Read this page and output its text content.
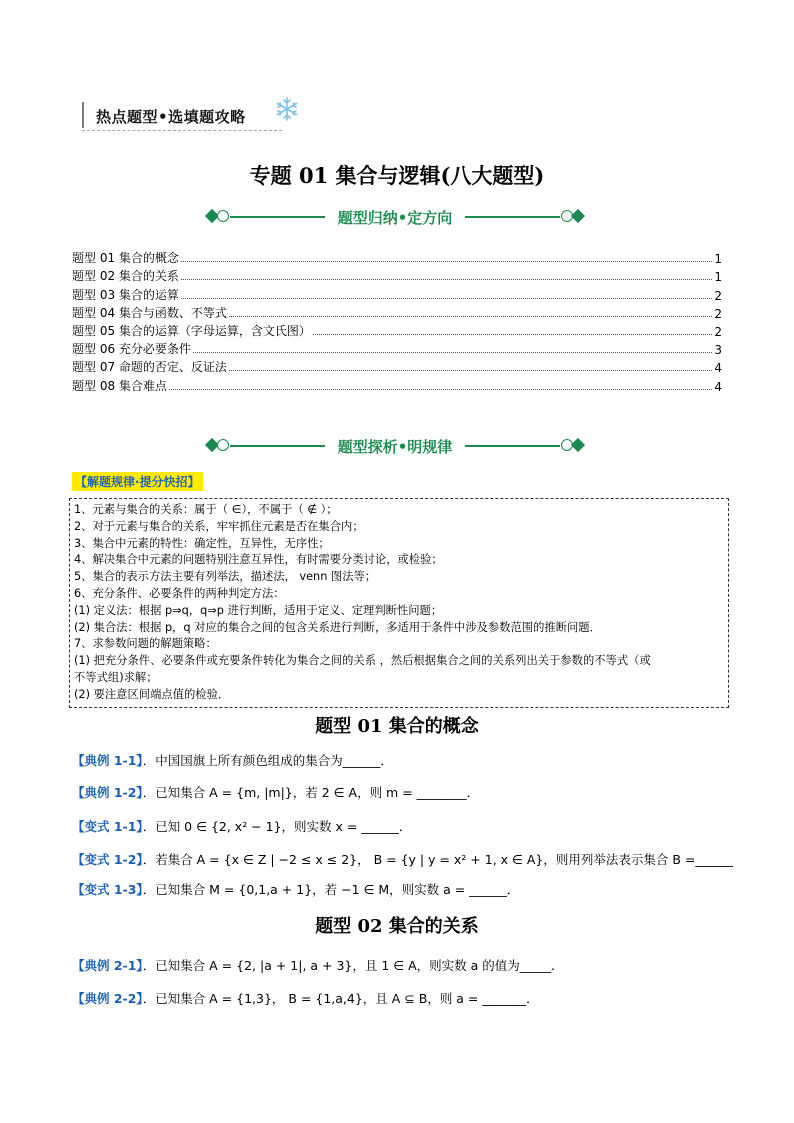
热点题型•选填题攻略
专题 01 集合与逻辑(八大题型)
题型归纳•定方向
题型 01 集合的概念	1
题型 02 集合的关系	1
题型 03 集合的运算	2
题型 04 集合与函数、不等式	2
题型 05 集合的运算（字母运算，含文氏图）	2
题型 06 充分必要条件	3
题型 07 命题的否定、反证法	4
题型 08 集合难点	4
题型探析•明规律
【解题规律·提分快招】
1、元素与集合的关系：属于（ ∈），不属于（ ∉ ）；
2、对于元素与集合的关系，牢牢抓住元素是否在集合内；
3、集合中元素的特性：确定性，互异性，无序性；
4、解决集合中元素的问题特别注意互异性，有时需要分类讨论，或检验；
5、集合的表示方法主要有列举法，描述法， venn 图法等；
6、充分条件、必要条件的两种判定方法：
(1) 定义法：根据 p⇒q，q⇒p 进行判断，适用于定义、定理判断性问题；
(2) 集合法：根据 p，q 对应的集合之间的包含关系进行判断，多适用于条件中涉及参数范围的推断问题．
7、求参数问题的解题策略：
(1) 把充分条件、必要条件或充要条件转化为集合之间的关系 ，然后根据集合之间的关系列出关于参数的不等式（或
不等式组)求解；
(2) 要注意区间端点值的检验．
题型 01 集合的概念
【典例 1-1】．中国国旗上所有颜色组成的集合为______．
【典例 1-2】．已知集合 A = {m, |m|}，若 2 ∈ A，则 m = ________．
【变式 1-1】．已知 0 ∈ {2, x² − 1}，则实数 x = ______．
【变式 1-2】．若集合 A = {x ∈ Z | −2 ≤ x ≤ 2}， B = {y | y = x² + 1, x ∈ A}，则用列举法表示集合 B =______
【变式 1-3】．已知集合 M = {0,1,a + 1}，若 −1 ∈ M，则实数 a = ______．
题型 02 集合的关系
【典例 2-1】．已知集合 A = {2, |a + 1|, a + 3}，且 1 ∈ A，则实数 a 的值为_____.
【典例 2-2】．已知集合 A = {1,3}， B = {1,a,4}，且 A ⊆ B，则 a = _______．
